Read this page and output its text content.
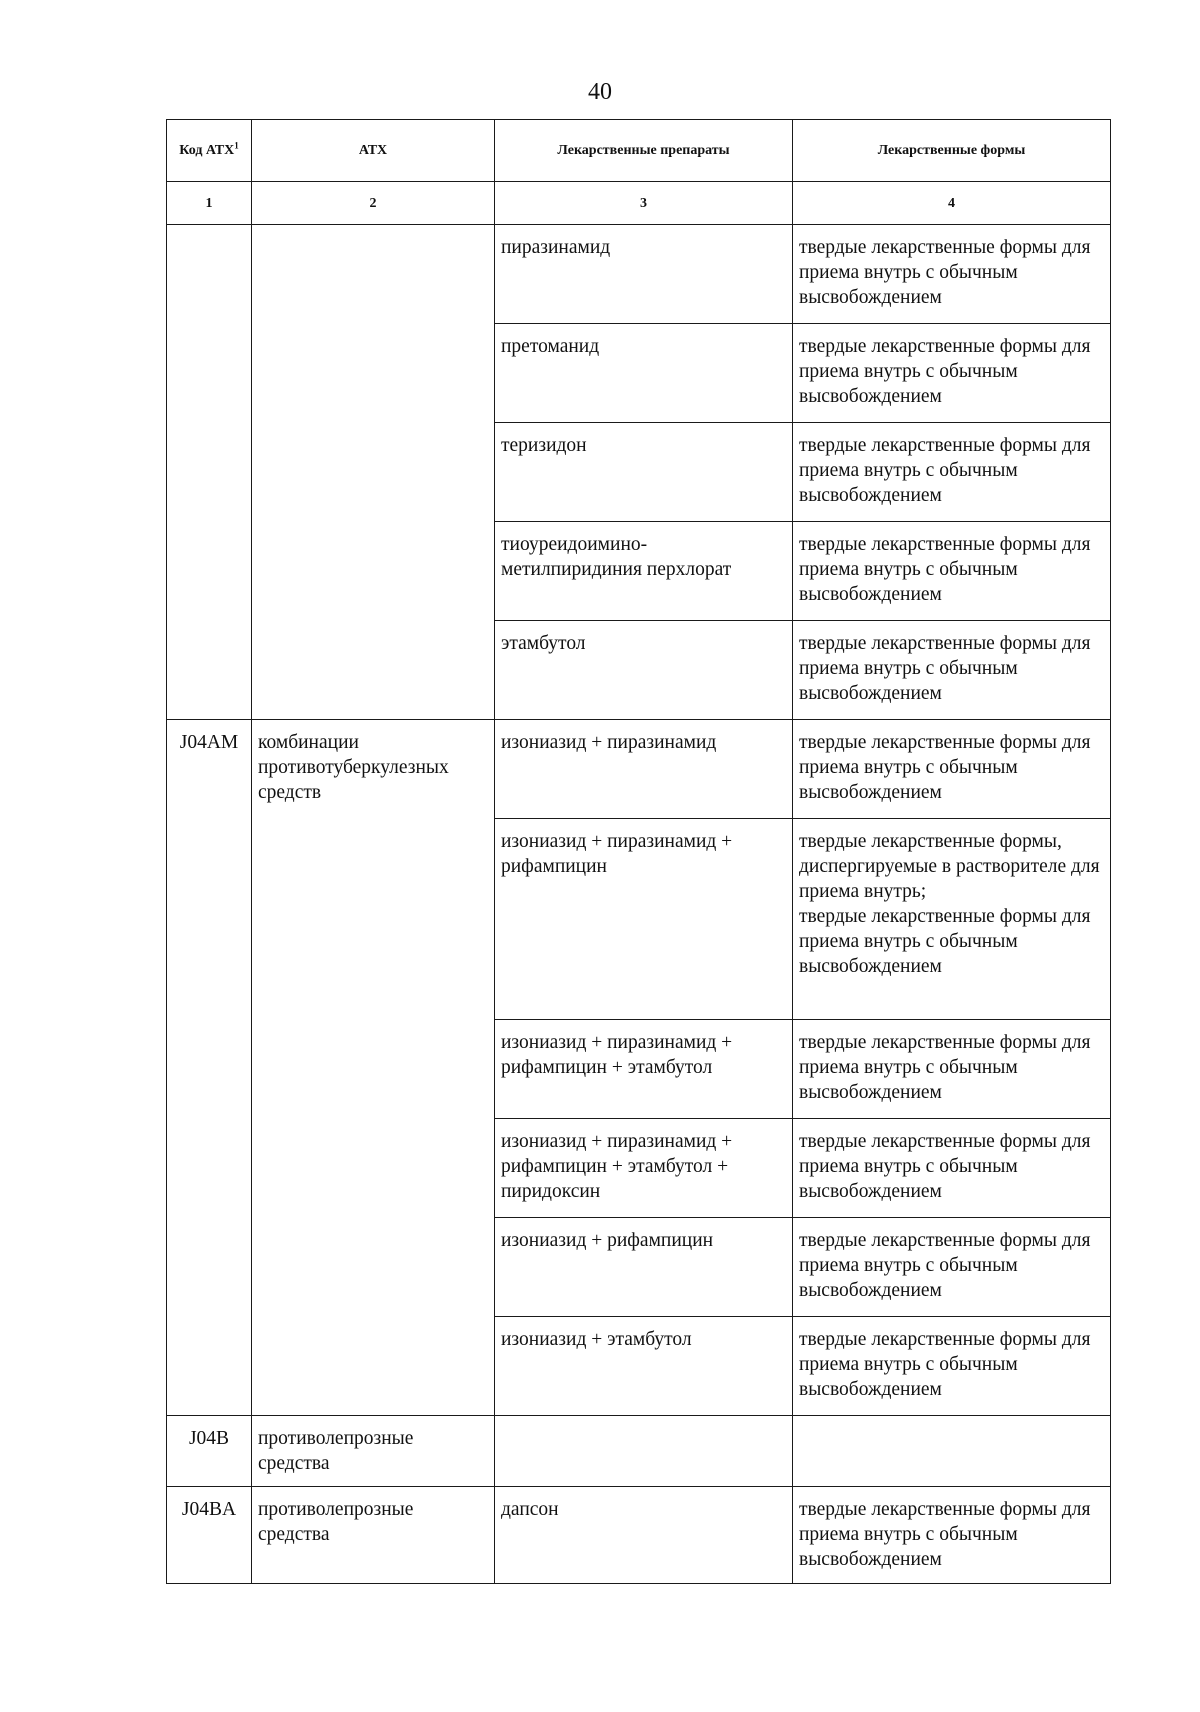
40
Код АТХ$^1$	АТХ	Лекарственные препараты	Лекарственные формы
1	2	3	4

		пиразинамид	твердые лекарственные формы для приема внутрь с обычным высвобождением

		претоманид	твердые лекарственные формы для приема внутрь с обычным высвобождением

		теризидон	твердые лекарственные формы для приема внутрь с обычным высвобождением

		тиоуреидоимино-
метилпиридиния перхлорат	твердые лекарственные формы для приема внутрь с обычным высвобождением

		этамбутол	твердые лекарственные формы для приема внутрь с обычным высвобождением

J04AM	комбинации противотуберкулезных средств	изониазид + пиразинамид	твердые лекарственные формы для приема внутрь с обычным высвобождением

		изониазид + пиразинамид +
рифампицин	твердые лекарственные формы, диспергируемые в растворителе для приема внутрь;
твердые лекарственные формы для приема внутрь с обычным высвобождением

		изониазид + пиразинамид +
рифампицин + этамбутол	твердые лекарственные формы для приема внутрь с обычным высвобождением

		изониазид + пиразинамид +
рифампицин + этамбутол +
пиридоксин	твердые лекарственные формы для приема внутрь с обычным высвобождением

		изониазид + рифампицин	твердые лекарственные формы для приема внутрь с обычным высвобождением

		изониазид + этамбутол	твердые лекарственные формы для приема внутрь с обычным высвобождением

J04B	противолепрозные средства		

J04BA	противолепрозные средства	дапсон	твердые лекарственные формы для приема внутрь с обычным высвобождением
